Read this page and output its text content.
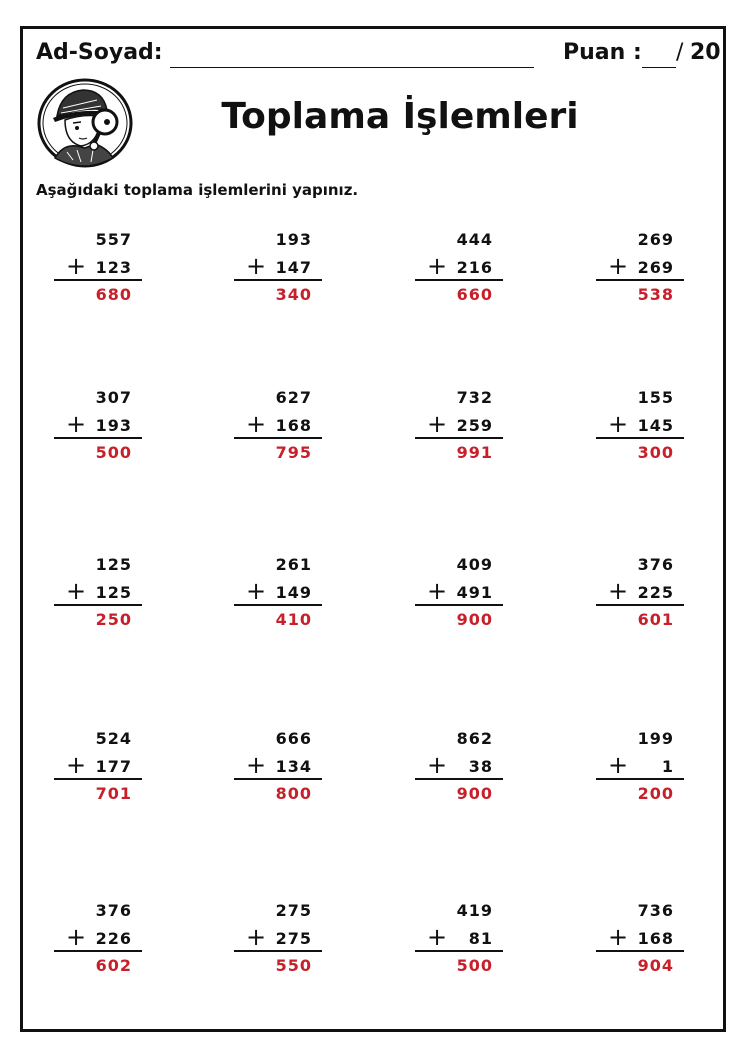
Ad-Soyad:	Puan : / 20
Toplama İşlemleri
Aşağıdaki toplama işlemlerini yapınız.
557
+ 123
680
193
+ 147
340
444
+ 216
660
269
+ 269
538
307
+ 193
500
627
+ 168
795
732
+ 259
991
155
+ 145
300
125
+ 125
250
261
+ 149
410
409
+ 491
900
376
+ 225
601
524
+ 177
701
666
+ 134
800
862
+ 38
900
199
+ 1
200
376
+ 226
602
275
+ 275
550
419
+ 81
500
736
+ 168
904
